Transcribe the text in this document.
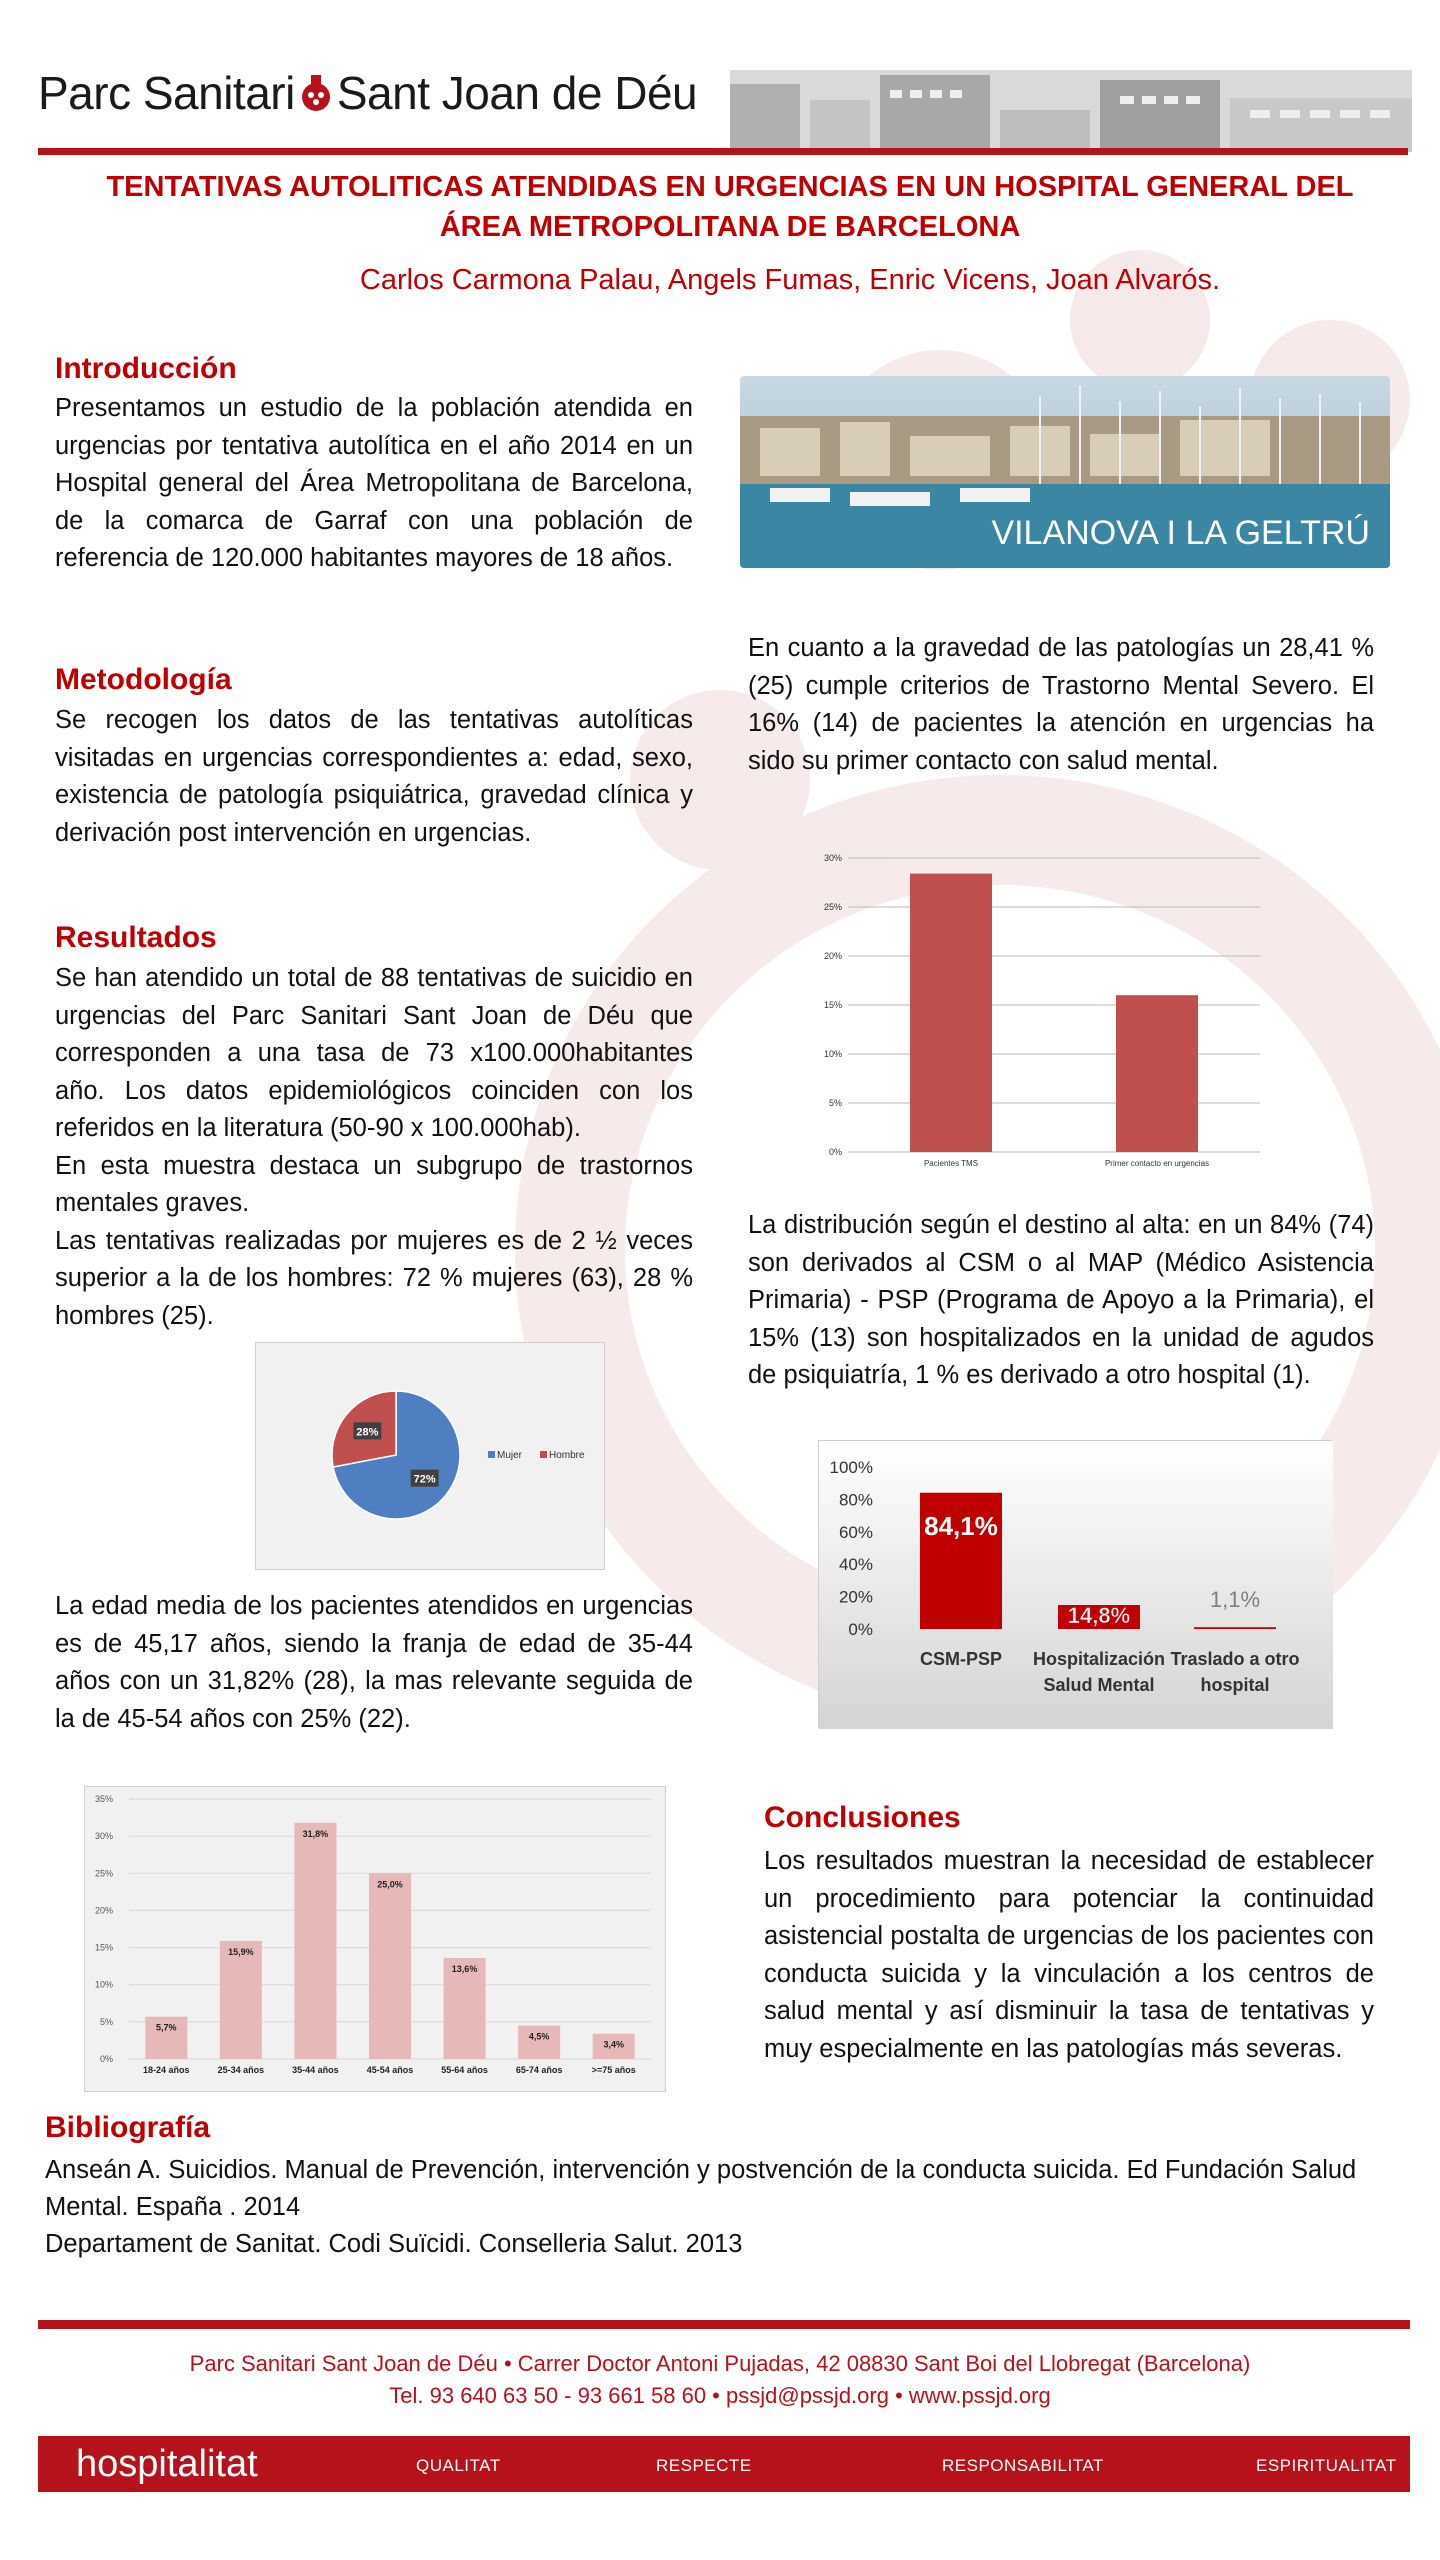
Parc Sanitari Sant Joan de Déu
TENTATIVAS AUTOLITICAS ATENDIDAS EN URGENCIAS EN UN HOSPITAL GENERAL DEL
ÁREA METROPOLITANA DE BARCELONA
Carlos Carmona Palau, Angels Fumas, Enric Vicens, Joan Alvarós.
Introducción
Presentamos un estudio de la población atendida en urgencias por tentativa autolítica en el año 2014 en un Hospital general del Área Metropolitana de Barcelona, de la comarca de Garraf con una población de referencia de 120.000 habitantes mayores de 18 años.
Metodología
Se recogen los datos de las tentativas autolíticas visitadas en urgencias correspondientes a: edad, sexo, existencia de patología psiquiátrica, gravedad clínica y derivación post intervención en urgencias.
Resultados
Se han atendido un total de 88 tentativas de suicidio en urgencias del Parc Sanitari Sant Joan de Déu que corresponden a una tasa de 73 x100.000habitantes año. Los datos epidemiológicos coinciden con los referidos en la literatura (50-90 x 100.000hab).
En esta muestra destaca un subgrupo de trastornos mentales graves.
Las tentativas realizadas por mujeres es de 2 ½ veces superior a la de los hombres: 72 % mujeres (63), 28 % hombres (25).
72%
28%
Mujer	Hombre
La edad media de los pacientes atendidos en urgencias es de 45,17 años, siendo la franja de edad de 35-44 años con un 31,82% (28), la mas relevante seguida de la de 45-54 años con 25% (22).
0%
5%
10%
15%
20%
25%
30%
35%
5,7%
18-24 años
15,9%
25-34 años
31,8%
35-44 años
25,0%
45-54 años
13,6%
55-64 años
4,5%
65-74 años
3,4%
>=75 años
VILANOVA I LA GELTRÚ
En cuanto a la gravedad de las patologías un 28,41 % (25) cumple criterios de Trastorno Mental Severo. El 16% (14) de pacientes la atención en urgencias ha sido su primer contacto con salud mental.
0%
5%
10%
15%
20%
25%
30%
Pacientes TMS	Primer contacto en urgencias
La distribución según el destino al alta: en un 84% (74) son derivados al CSM o al MAP (Médico Asistencia Primaria) - PSP (Programa de Apoyo a la Primaria), el 15% (13) son hospitalizados en la unidad de agudos de psiquiatría, 1 % es derivado a otro hospital (1).
0%
20%
40%
60%
80%
100%
84,1%
14,8%
1,1%
CSM-PSP Hospitalización
Salud Mental
Traslado a otro
hospital
Conclusiones
Los resultados muestran la necesidad de establecer un procedimiento para potenciar la continuidad asistencial postalta de urgencias de los pacientes con conducta suicida y la vinculación a los centros de salud mental y así disminuir la tasa de tentativas y muy especialmente en las patologías más severas.
Bibliografía
Anseán A. Suicidios. Manual de Prevención, intervención y postvención de la conducta suicida. Ed Fundación Salud Mental. España . 2014
Departament de Sanitat. Codi Suïcidi. Conselleria Salut. 2013
Parc Sanitari Sant Joan de Déu • Carrer Doctor Antoni Pujadas, 42 08830 Sant Boi del Llobregat (Barcelona)
Tel. 93 640 63 50 - 93 661 58 60 • pssjd@pssjd.org • www.pssjd.org
hospitalitat	QUALITAT	RESPECTE	RESPONSABILITAT	ESPIRITUALITAT
